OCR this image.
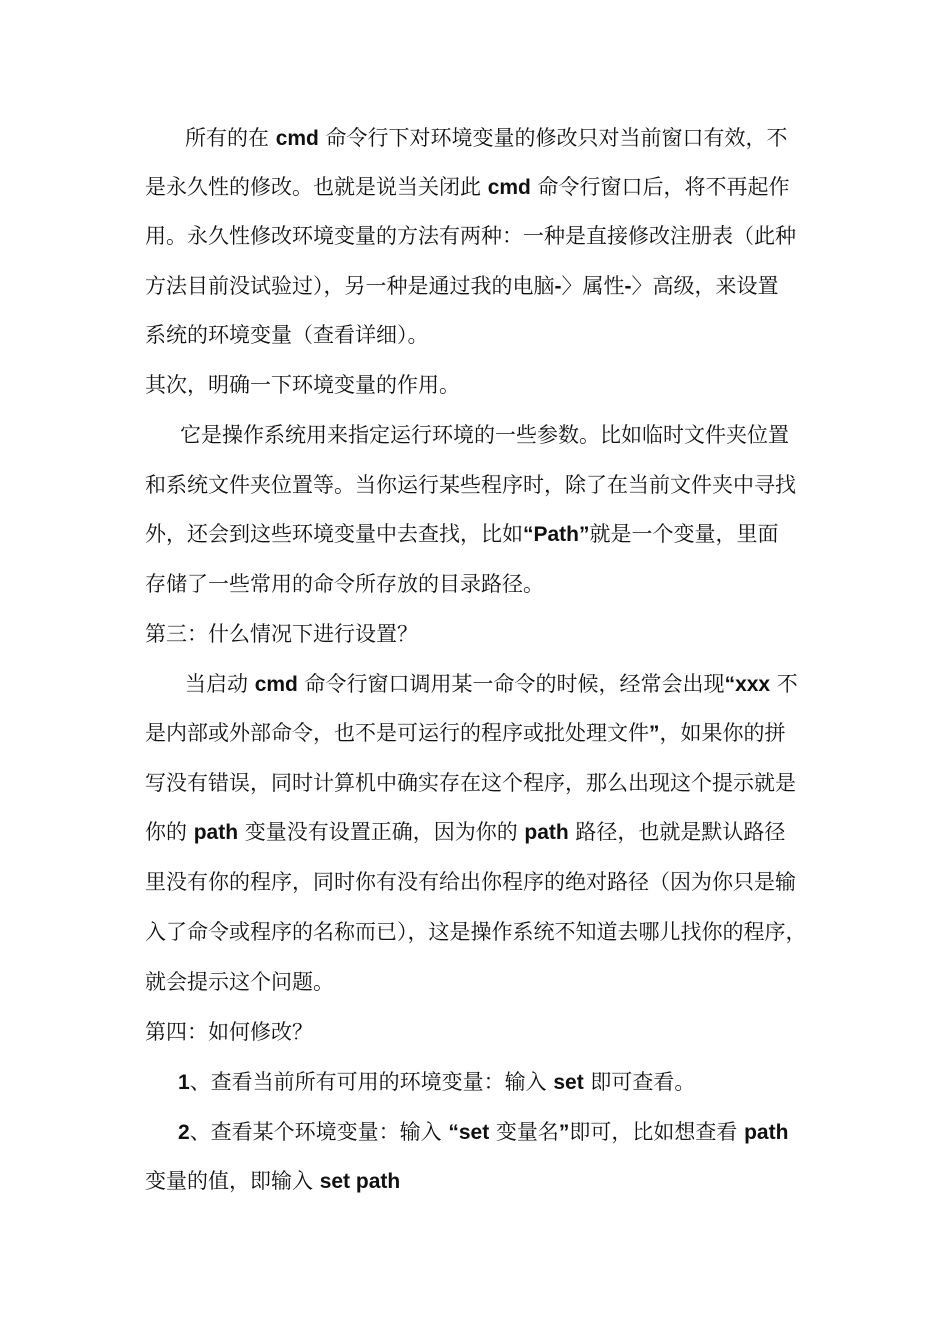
所有的在 cmd 命令行下对环境变量的修改只对当前窗口有效，不
是永久性的修改。也就是说当关闭此 cmd 命令行窗口后，将不再起作
用。永久性修改环境变量的方法有两种：一种是直接修改注册表（此种
方法目前没试验过），另一种是通过我的电脑-〉属性-〉高级，来设置
系统的环境变量（查看详细）。
其次，明确一下环境变量的作用。
它是操作系统用来指定运行环境的一些参数。比如临时文件夹位置
和系统文件夹位置等。当你运行某些程序时，除了在当前文件夹中寻找
外，还会到这些环境变量中去查找，比如“Path”就是一个变量，里面
存储了一些常用的命令所存放的目录路径。
第三：什么情况下进行设置？
当启动 cmd 命令行窗口调用某一命令的时候，经常会出现“xxx 不
是内部或外部命令，也不是可运行的程序或批处理文件”，如果你的拼
写没有错误，同时计算机中确实存在这个程序，那么出现这个提示就是
你的 path 变量没有设置正确，因为你的 path 路径，也就是默认路径
里没有你的程序，同时你有没有给出你程序的绝对路径（因为你只是输
入了命令或程序的名称而已），这是操作系统不知道去哪儿找你的程序，
就会提示这个问题。
第四：如何修改？
1、查看当前所有可用的环境变量：输入 set 即可查看。
2、查看某个环境变量：输入 “set 变量名”即可，比如想查看 path
变量的值，即输入 set path
